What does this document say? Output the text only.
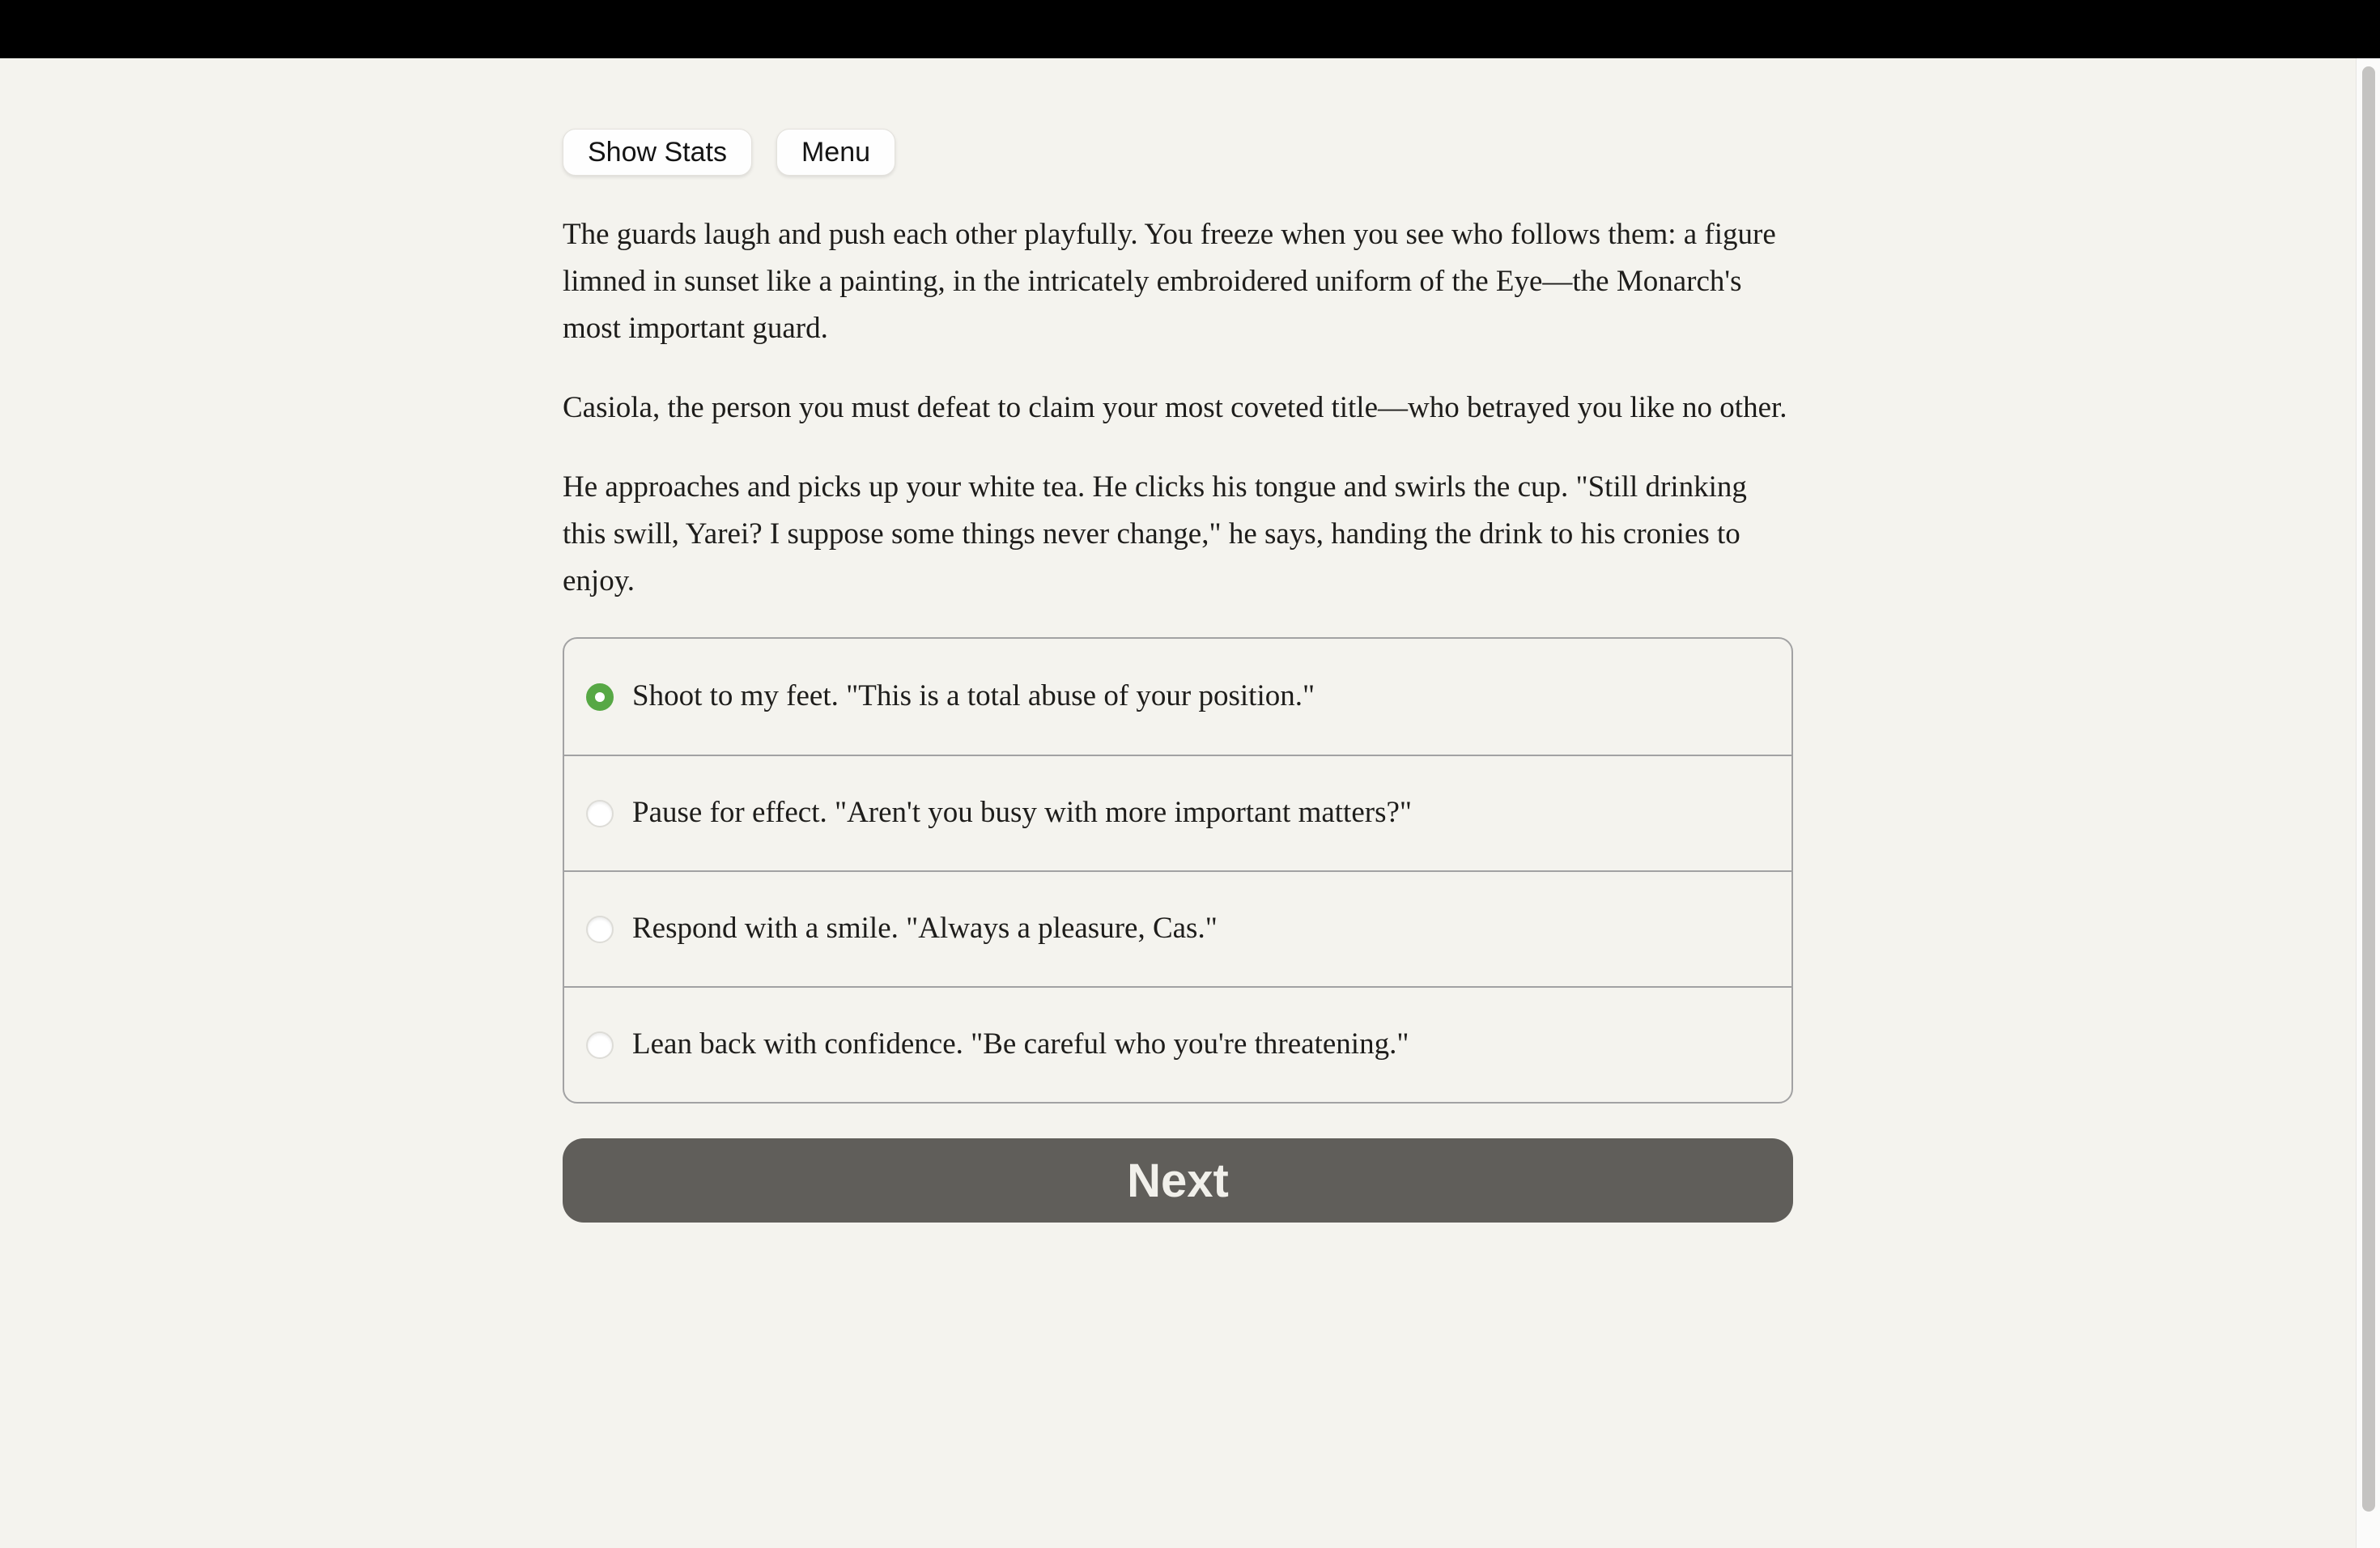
Show Stats	Menu

The guards laugh and push each other playfully. You freeze when you see who follows them: a figure limned in sunset like a painting, in the intricately embroidered uniform of the Eye—the Monarch's most important guard.

Casiola, the person you must defeat to claim your most coveted title—who betrayed you like no other.

He approaches and picks up your white tea. He clicks his tongue and swirls the cup. "Still drinking this swill, Yarei? I suppose some things never change," he says, handing the drink to his cronies to enjoy.

Shoot to my feet. "This is a total abuse of your position."
Pause for effect. "Aren't you busy with more important matters?"
Respond with a smile. "Always a pleasure, Cas."
Lean back with confidence. "Be careful who you're threatening."
Next
